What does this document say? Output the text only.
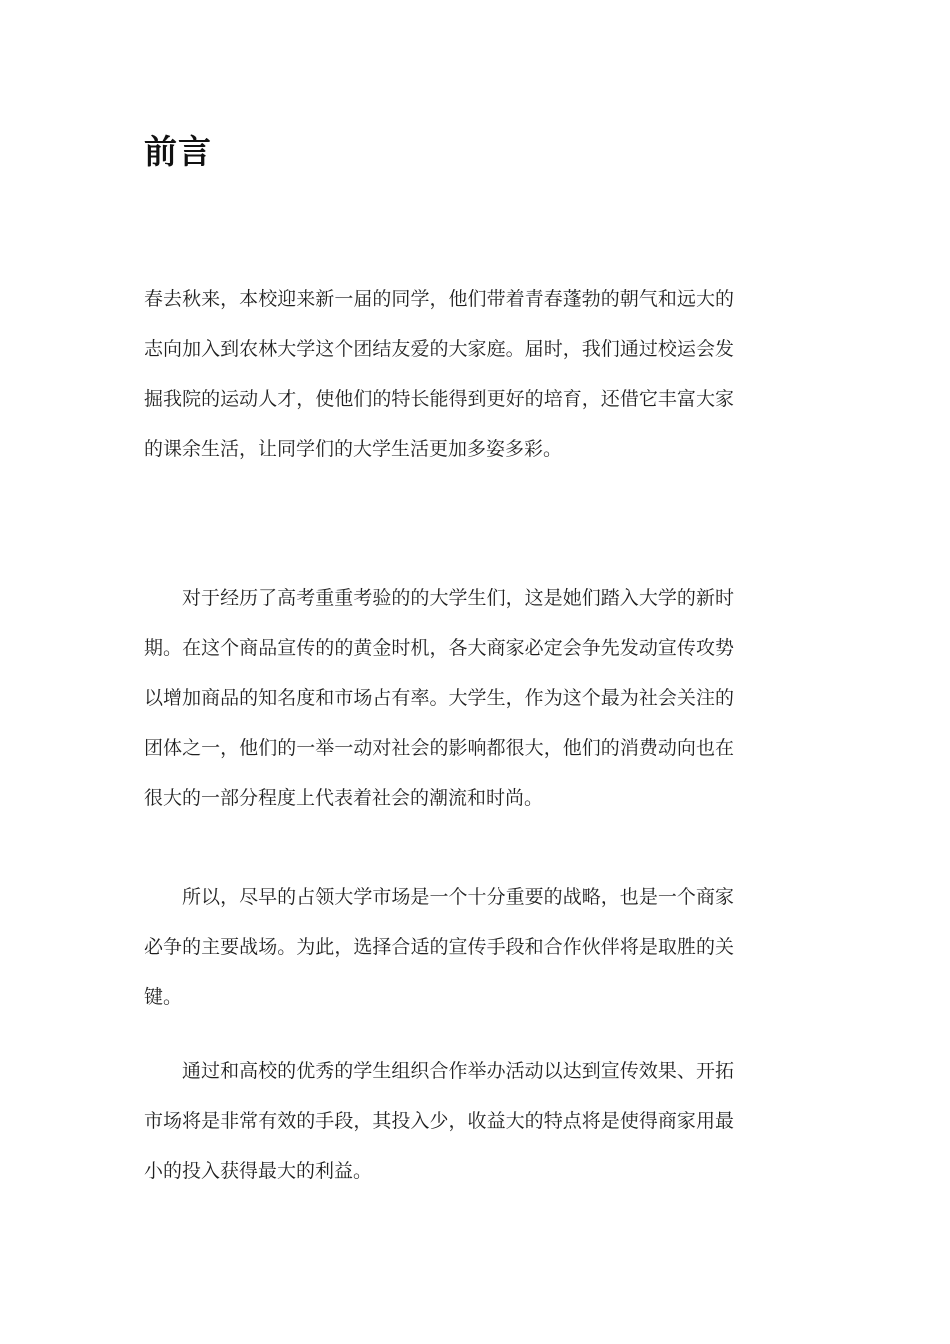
前言

春去秋来，本校迎来新一届的同学，他们带着青春蓬勃的朝气和远大的志向加入到农林大学这个团结友爱的大家庭。届时，我们通过校运会发掘我院的运动人才，使他们的特长能得到更好的培育，还借它丰富大家的课余生活，让同学们的大学生活更加多姿多彩。

对于经历了高考重重考验的的大学生们，这是她们踏入大学的新时期。在这个商品宣传的的黄金时机，各大商家必定会争先发动宣传攻势以增加商品的知名度和市场占有率。大学生，作为这个最为社会关注的团体之一，他们的一举一动对社会的影响都很大，他们的消费动向也在很大的一部分程度上代表着社会的潮流和时尚。

所以，尽早的占领大学市场是一个十分重要的战略，也是一个商家必争的主要战场。为此，选择合适的宣传手段和合作伙伴将是取胜的关键。

通过和高校的优秀的学生组织合作举办活动以达到宣传效果、开拓市场将是非常有效的手段，其投入少，收益大的特点将是使得商家用最小的投入获得最大的利益。
